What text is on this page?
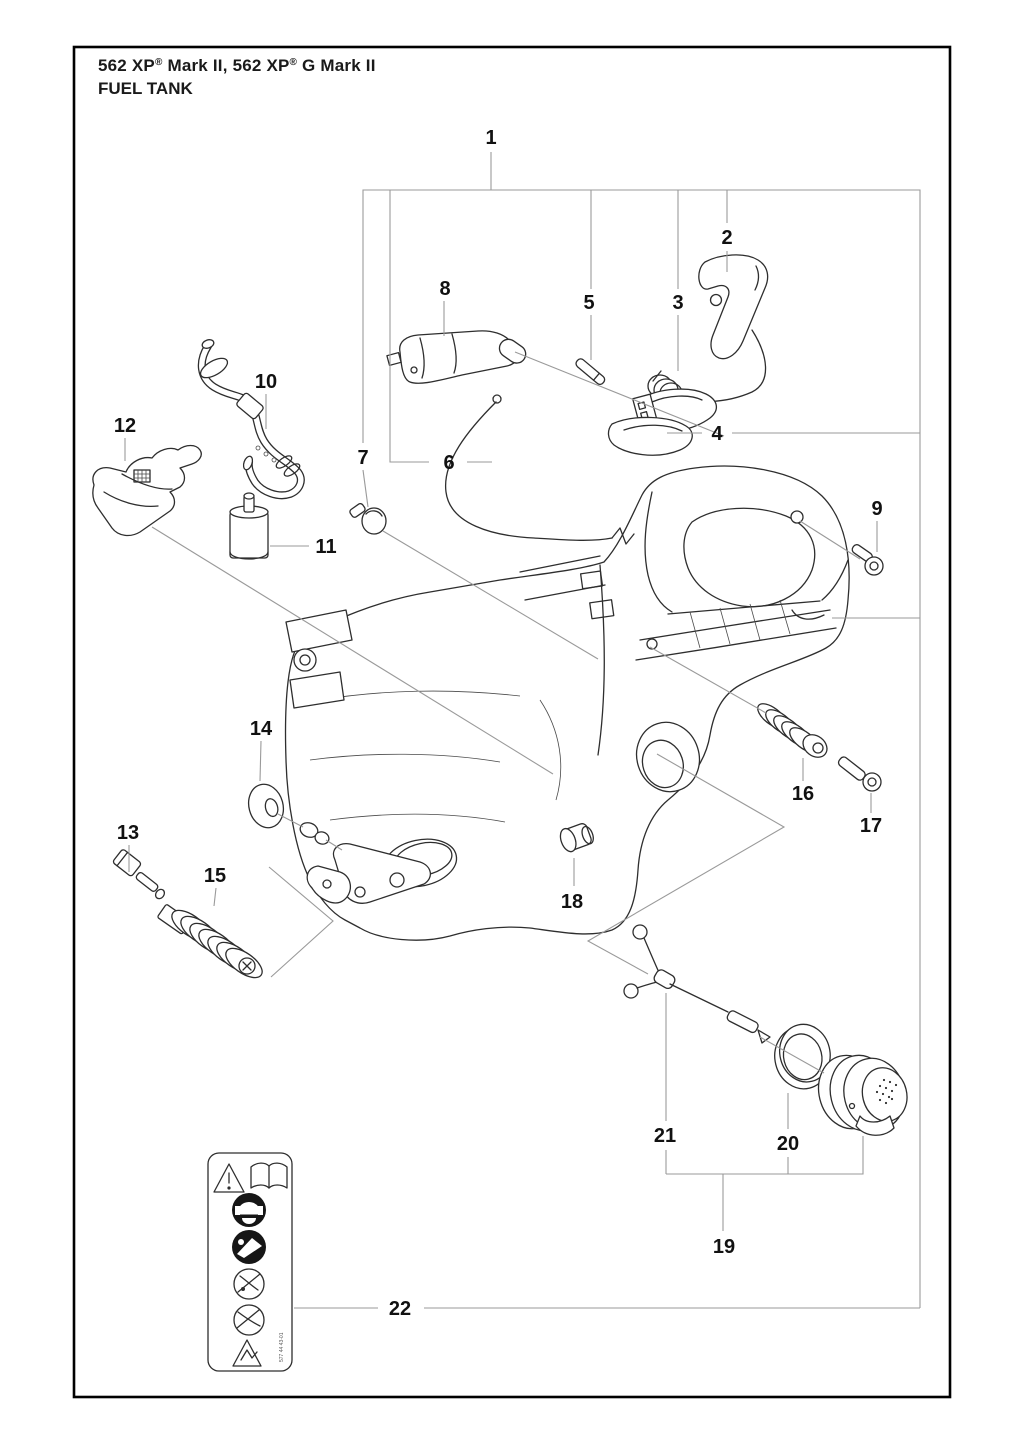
577 44 43-01
1
2
3
4
5
6
7
8
9
10
11
12
13
14
15
16
17
18
19
20
21
22
562 XP® Mark II, 562 XP® G Mark II
FUEL TANK
